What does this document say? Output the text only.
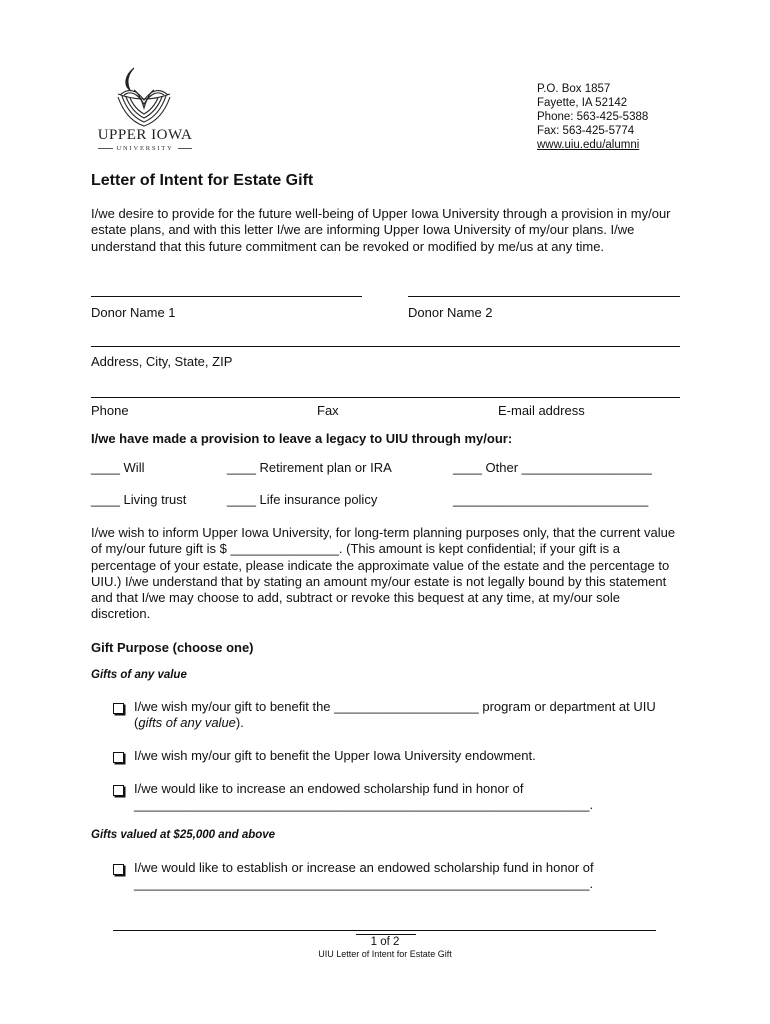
UPPER IOWA
UNIVERSITY
P.O. Box 1857
Fayette, IA 52142
Phone: 563-425-5388
Fax: 563-425-5774
www.uiu.edu/alumni
Letter of Intent for Estate Gift
I/we desire to provide for the future well-being of Upper Iowa University through a provision in my/our estate plans, and with this letter I/we are informing Upper Iowa University of my/our plans. I/we understand that this future commitment can be revoked or modified by me/us at any time.
Donor Name 1	Donor Name 2
Address, City, State, ZIP
Phone	Fax	E-mail address
I/we have made a provision to leave a legacy to UIU through my/our:
____ Will	____ Retirement plan or IRA	____ Other __________________
____ Living trust	____ Life insurance policy	___________________________
I/we wish to inform Upper Iowa University, for long-term planning purposes only, that the current value of my/our future gift is $ _______________. (This amount is kept confidential; if your gift is a percentage of your estate, please indicate the approximate value of the estate and the percentage to UIU.) I/we understand that by stating an amount my/our estate is not legally bound by this statement and that I/we may choose to add, subtract or revoke this bequest at any time, at my/our sole discretion.
Gift Purpose (choose one)
Gifts of any value
I/we wish my/our gift to benefit the ____________________ program or department at UIU (gifts of any value).
I/we wish my/our gift to benefit the Upper Iowa University endowment.
I/we would like to increase an endowed scholarship fund in honor of
_______________________________________________________________.
Gifts valued at $25,000 and above
I/we would like to establish or increase an endowed scholarship fund in honor of
_______________________________________________________________.
1 of 2
UIU Letter of Intent for Estate Gift
